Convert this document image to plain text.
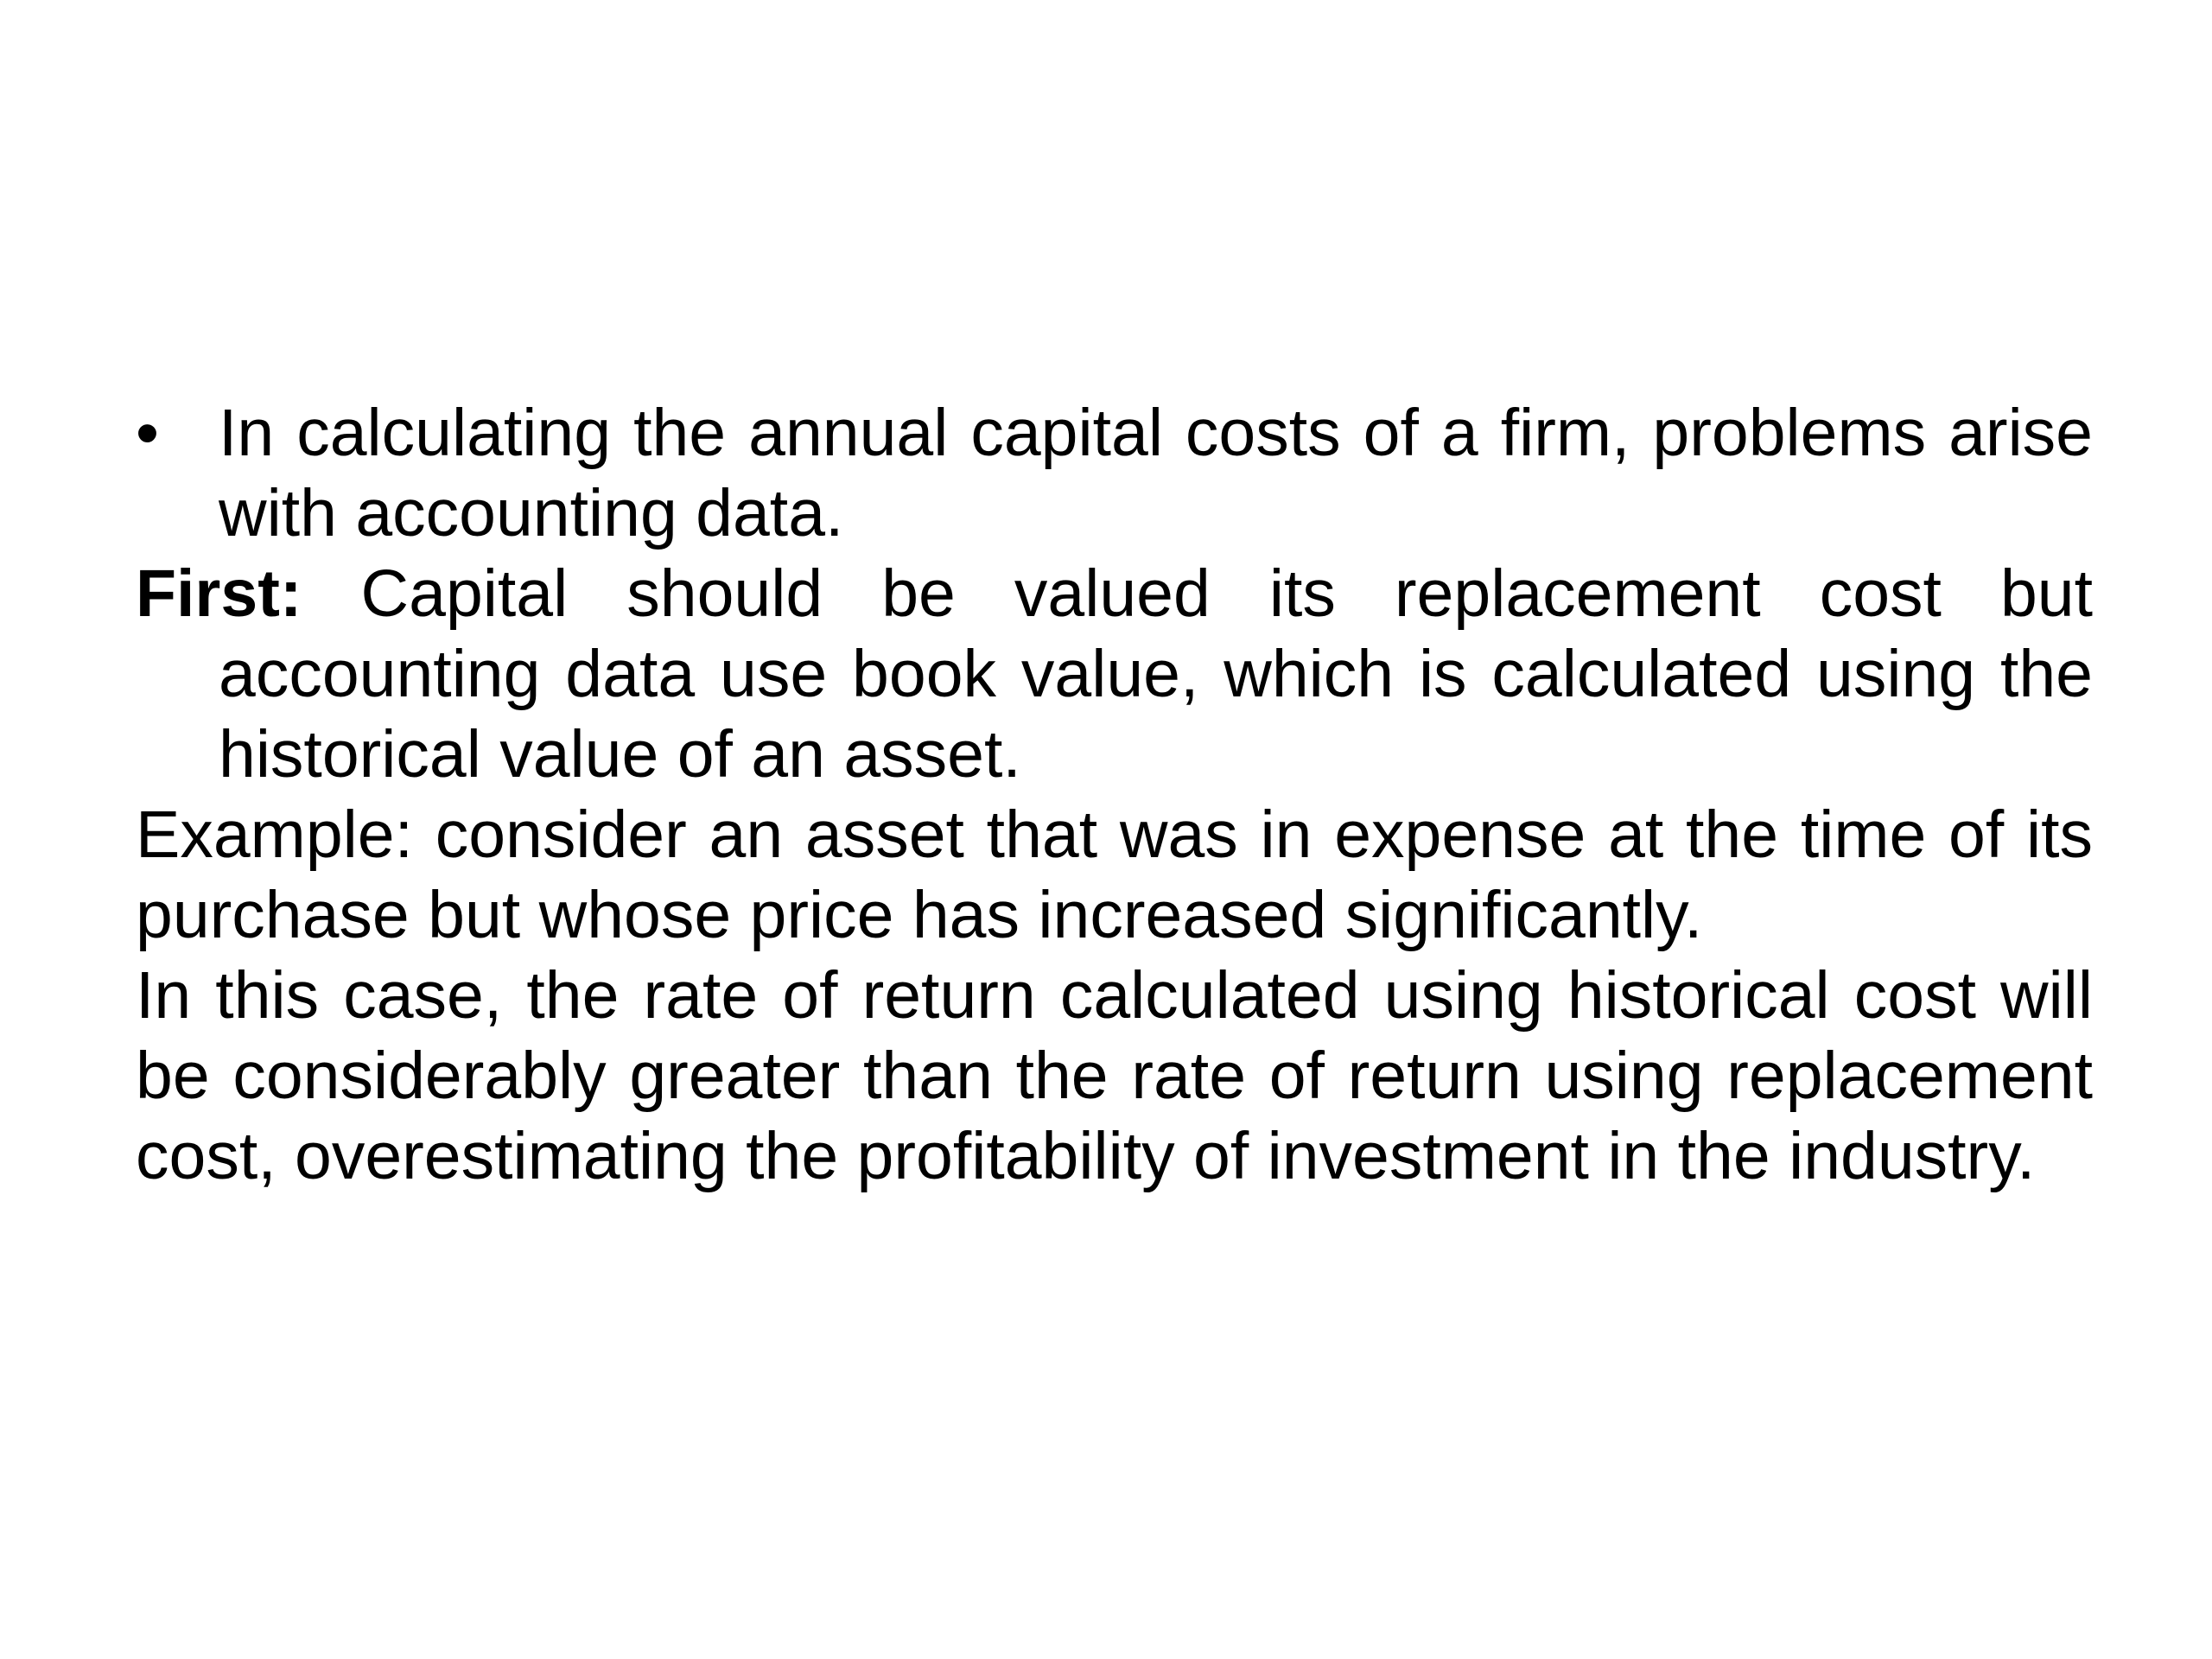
• In calculating the annual capital costs of a firm, problems arise with accounting data.

First: Capital should be valued its replacement cost but accounting data use book value, which is calculated using the historical value of an asset.

Example: consider an asset that was in expense at the time of its purchase but whose price has increased significantly.

In this case, the rate of return calculated using historical cost will be considerably greater than the rate of return using replacement cost, overestimating the profitability of investment in the industry.
